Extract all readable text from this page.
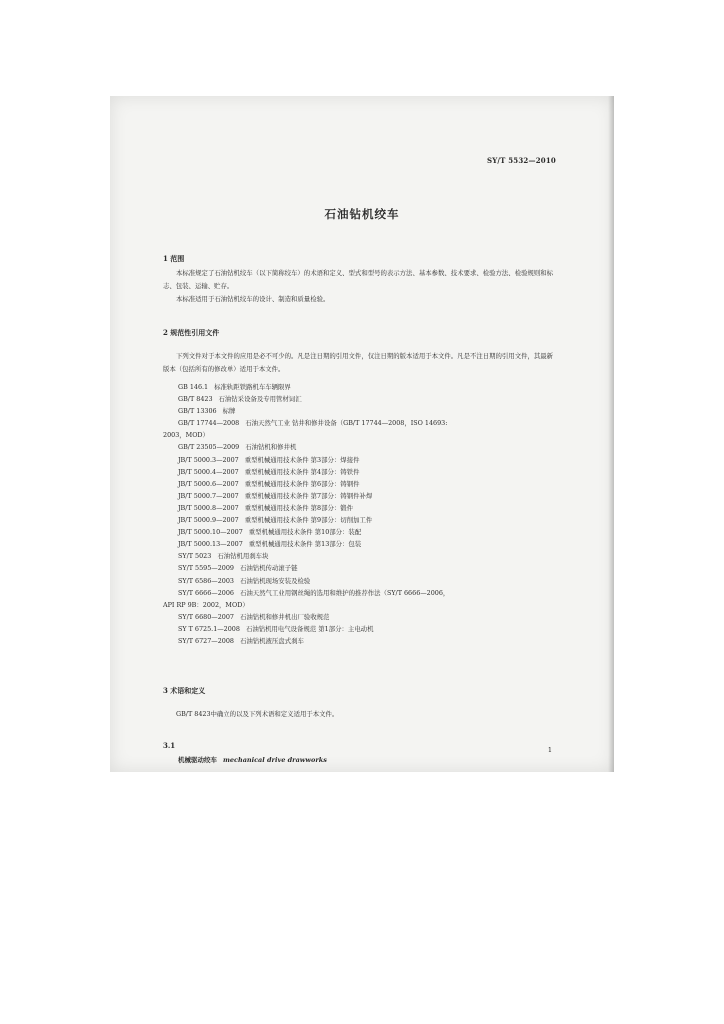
SY/T 5532—2010
石油钻机绞车
1 范围
本标准规定了石油钻机绞车（以下简称绞车）的术语和定义、型式和型号的表示方法、基本参数、技术要求、检验方法、检验规则和标志、包装、运输、贮存。
本标准适用于石油钻机绞车的设计、制造和质量检验。
2 规范性引用文件
下列文件对于本文件的应用是必不可少的。凡是注日期的引用文件，仅注日期的版本适用于本文件。凡是不注日期的引用文件，其最新版本（包括所有的修改单）适用于本文件。
GB 146.1 标准轨距铁路机车车辆限界
GB/T 8423 石油钻采设备及专用管材词汇
GB/T 13306 标牌
GB/T 17744—2008 石油天然气工业 钻井和修井设备（GB/T 17744—2008，ISO 14693:
2003，MOD）
GB/T 23505—2009 石油钻机和修井机
JB/T 5000.3—2007 重型机械通用技术条件 第3部分：焊接件
JB/T 5000.4—2007 重型机械通用技术条件 第4部分：铸铁件
JB/T 5000.6—2007 重型机械通用技术条件 第6部分：铸钢件
JB/T 5000.7—2007 重型机械通用技术条件 第7部分：铸钢件补焊
JB/T 5000.8—2007 重型机械通用技术条件 第8部分：锻件
JB/T 5000.9—2007 重型机械通用技术条件 第9部分：切削加工件
JB/T 5000.10—2007 重型机械通用技术条件 第10部分：装配
JB/T 5000.13—2007 重型机械通用技术条件 第13部分：包装
SY/T 5023 石油钻机用刹车块
SY/T 5595—2009 石油钻机传动滚子链
SY/T 6586—2003 石油钻机现场安装及检验
SY/T 6666—2006 石油天然气工业用钢丝绳的选用和维护的推荐作法（SY/T 6666—2006，
API RP 9B：2002，MOD）
SY/T 6680—2007 石油钻机和修井机出厂验收规范
SY T 6725.1—2008 石油钻机用电气设备规范 第1部分：主电动机
SY/T 6727—2008 石油钻机液压盘式刹车
3 术语和定义
GB/T 8423中确立的以及下列术语和定义适用于本文件。
3.1
机械驱动绞车 mechanical drive drawworks
1
